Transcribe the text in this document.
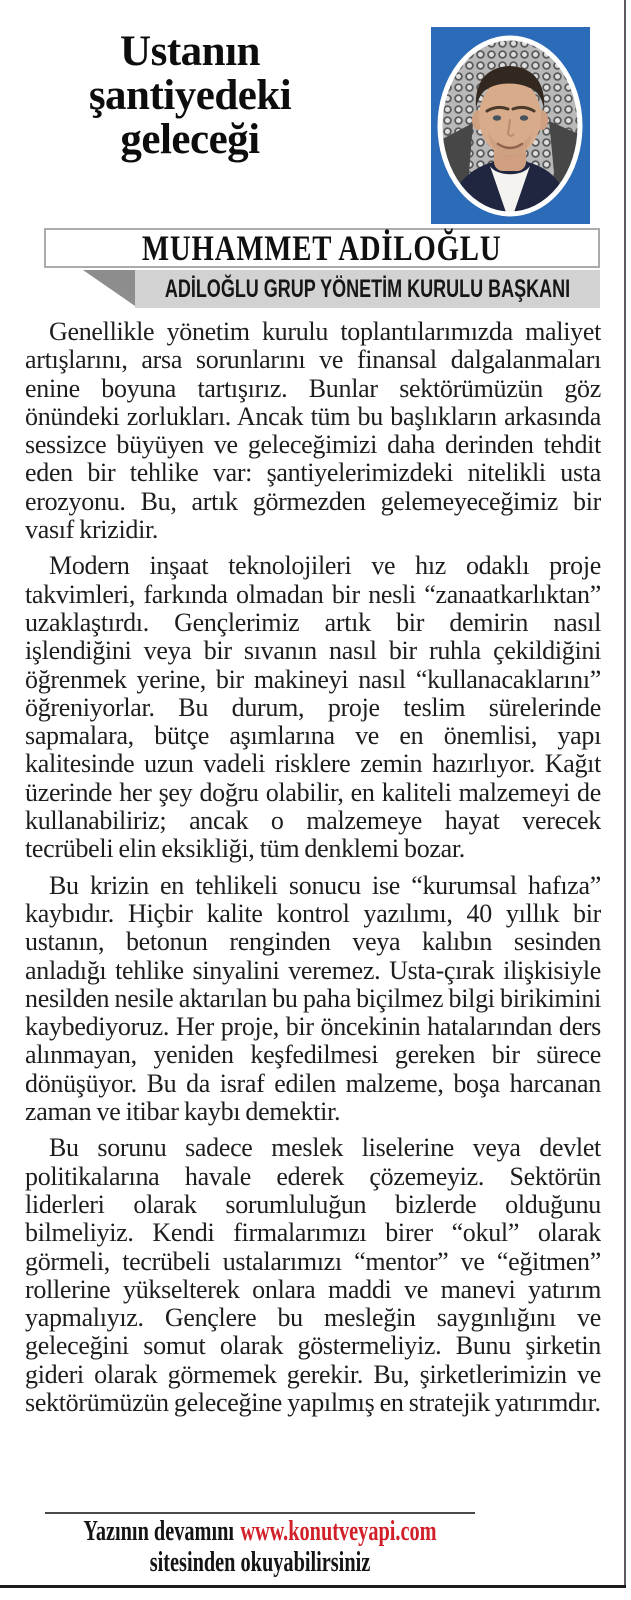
Ustanın şantiyedeki geleceği
MUHAMMET ADİLOĞLU
ADİLOĞLU GRUP YÖNETİM KURULU BAŞKANI

Genellikle yönetim kurulu toplantılarımızda maliyet artışlarını, arsa sorunlarını ve finansal dalgalanmaları enine boyuna tartışırız. Bunlar sektörümüzün göz önündeki zorlukları. Ancak tüm bu başlıkların arkasında sessizce büyüyen ve geleceğimizi daha derinden tehdit eden bir tehlike var: şantiyelerimizdeki nitelikli usta erozyonu. Bu, artık görmezden gelemeyeceğimiz bir vasıf krizidir.

Modern inşaat teknolojileri ve hız odaklı proje takvimleri, farkında olmadan bir nesli “zanaatkarlıktan” uzaklaştırdı. Gençlerimiz artık bir demirin nasıl işlendiğini veya bir sıvanın nasıl bir ruhla çekildiğini öğrenmek yerine, bir makineyi nasıl “kullanacaklarını” öğreniyorlar. Bu durum, proje teslim sürelerinde sapmalara, bütçe aşımlarına ve en önemlisi, yapı kalitesinde uzun vadeli risklere zemin hazırlıyor. Kağıt üzerinde her şey doğru olabilir, en kaliteli malzemeyi de kullanabiliriz; ancak o malzemeye hayat verecek tecrübeli elin eksikliği, tüm denklemi bozar.

Bu krizin en tehlikeli sonucu ise “kurumsal hafıza” kaybıdır. Hiçbir kalite kontrol yazılımı, 40 yıllık bir ustanın, betonun renginden veya kalıbın sesinden anladığı tehlike sinyalini veremez. Usta-çırak ilişkisiyle nesilden nesile aktarılan bu paha biçilmez bilgi birikimini kaybediyoruz. Her proje, bir öncekinin hatalarından ders alınmayan, yeniden keşfedilmesi gereken bir sürece dönüşüyor. Bu da israf edilen malzeme, boşa harcanan zaman ve itibar kaybı demektir.

Bu sorunu sadece meslek liselerine veya devlet politikalarına havale ederek çözemeyiz. Sektörün liderleri olarak sorumluluğun bizlerde olduğunu bilmeliyiz. Kendi firmalarımızı birer “okul” olarak görmeli, tecrübeli ustalarımızı “mentor” ve “eğitmen” rollerine yükselterek onlara maddi ve manevi yatırım yapmalıyız. Gençlere bu mesleğin saygınlığını ve geleceğini somut olarak göstermeliyiz. Bunu şirketin gideri olarak görmemek gerekir. Bu, şirketlerimizin ve sektörümüzün geleceğine yapılmış en stratejik yatırımdır.

Yazının devamını www.konutveyapi.com
sitesinden okuyabilirsiniz
